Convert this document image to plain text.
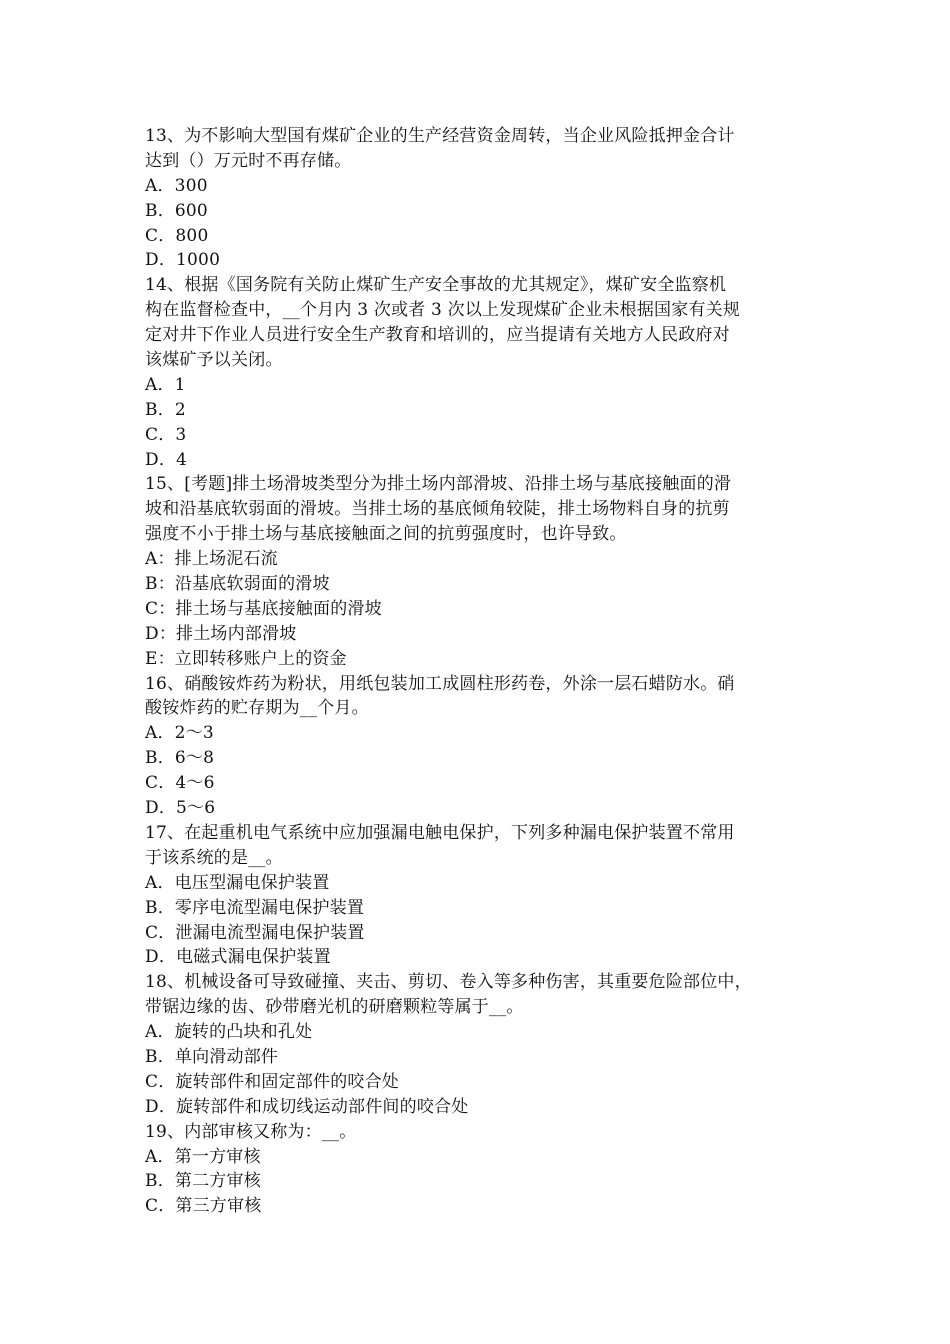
13、为不影响大型国有煤矿企业的生产经营资金周转，当企业风险抵押金合计
达到（）万元时不再存储。
A．300
B．600
C．800
D．1000
14、根据《国务院有关防止煤矿生产安全事故的尤其规定》，煤矿安全监察机
构在监督检查中，__个月内 3 次或者 3 次以上发现煤矿企业未根据国家有关规
定对井下作业人员进行安全生产教育和培训的，应当提请有关地方人民政府对
该煤矿予以关闭。
A．1
B．2
C．3
D．4
15、[考题]排土场滑坡类型分为排土场内部滑坡、沿排土场与基底接触面的滑
坡和沿基底软弱面的滑坡。当排土场的基底倾角较陡，排土场物料自身的抗剪
强度不小于排土场与基底接触面之间的抗剪强度时，也许导致。
A：排上场泥石流
B：沿基底软弱面的滑坡
C：排土场与基底接触面的滑坡
D：排土场内部滑坡
E：立即转移账户上的资金
16、硝酸铵炸药为粉状，用纸包装加工成圆柱形药卷，外涂一层石蜡防水。硝
酸铵炸药的贮存期为__个月。
A．2～3
B．6～8
C．4～6
D．5～6
17、在起重机电气系统中应加强漏电触电保护，下列多种漏电保护装置不常用
于该系统的是__。
A．电压型漏电保护装置
B．零序电流型漏电保护装置
C．泄漏电流型漏电保护装置
D．电磁式漏电保护装置
18、机械设备可导致碰撞、夹击、剪切、卷入等多种伤害，其重要危险部位中，
带锯边缘的齿、砂带磨光机的研磨颗粒等属于__。
A．旋转的凸块和孔处
B．单向滑动部件
C．旋转部件和固定部件的咬合处
D．旋转部件和成切线运动部件间的咬合处
19、内部审核又称为：__。
A．第一方审核
B．第二方审核
C．第三方审核
